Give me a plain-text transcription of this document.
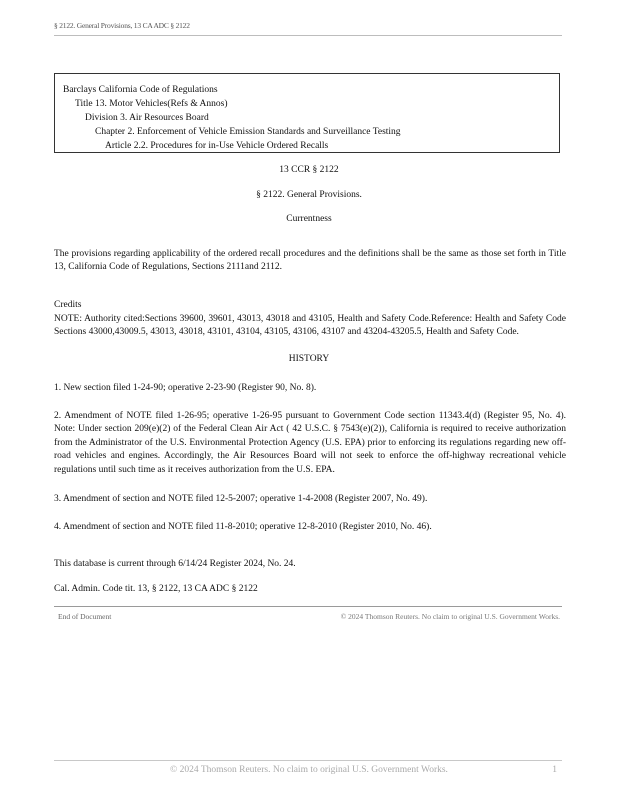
§ 2122. General Provisions, 13 CA ADC § 2122
Barclays California Code of Regulations
Title 13. Motor Vehicles(Refs & Annos)
Division 3. Air Resources Board
Chapter 2. Enforcement of Vehicle Emission Standards and Surveillance Testing
Article 2.2. Procedures for in-Use Vehicle Ordered Recalls
13 CCR § 2122
§ 2122. General Provisions.
Currentness
The provisions regarding applicability of the ordered recall procedures and the definitions shall be the same as those set forth in Title 13, California Code of Regulations, Sections 2111and 2112.
Credits
NOTE: Authority cited:Sections 39600, 39601, 43013, 43018 and 43105, Health and Safety Code.Reference: Health and Safety Code Sections 43000,43009.5, 43013, 43018, 43101, 43104, 43105, 43106, 43107 and 43204-43205.5, Health and Safety Code.
HISTORY
1. New section filed 1-24-90; operative 2-23-90 (Register 90, No. 8).
2. Amendment of NOTE filed 1-26-95; operative 1-26-95 pursuant to Government Code section 11343.4(d) (Register 95, No. 4). Note: Under section 209(e)(2) of the Federal Clean Air Act ( 42 U.S.C. § 7543(e)(2)), California is required to receive authorization from the Administrator of the U.S. Environmental Protection Agency (U.S. EPA) prior to enforcing its regulations regarding new off-road vehicles and engines. Accordingly, the Air Resources Board will not seek to enforce the off-highway recreational vehicle regulations until such time as it receives authorization from the U.S. EPA.
3. Amendment of section and NOTE filed 12-5-2007; operative 1-4-2008 (Register 2007, No. 49).
4. Amendment of section and NOTE filed 11-8-2010; operative 12-8-2010 (Register 2010, No. 46).
This database is current through 6/14/24 Register 2024, No. 24.
Cal. Admin. Code tit. 13, § 2122, 13 CA ADC § 2122
End of Document	© 2024 Thomson Reuters. No claim to original U.S. Government Works.
© 2024 Thomson Reuters. No claim to original U.S. Government Works.	1
